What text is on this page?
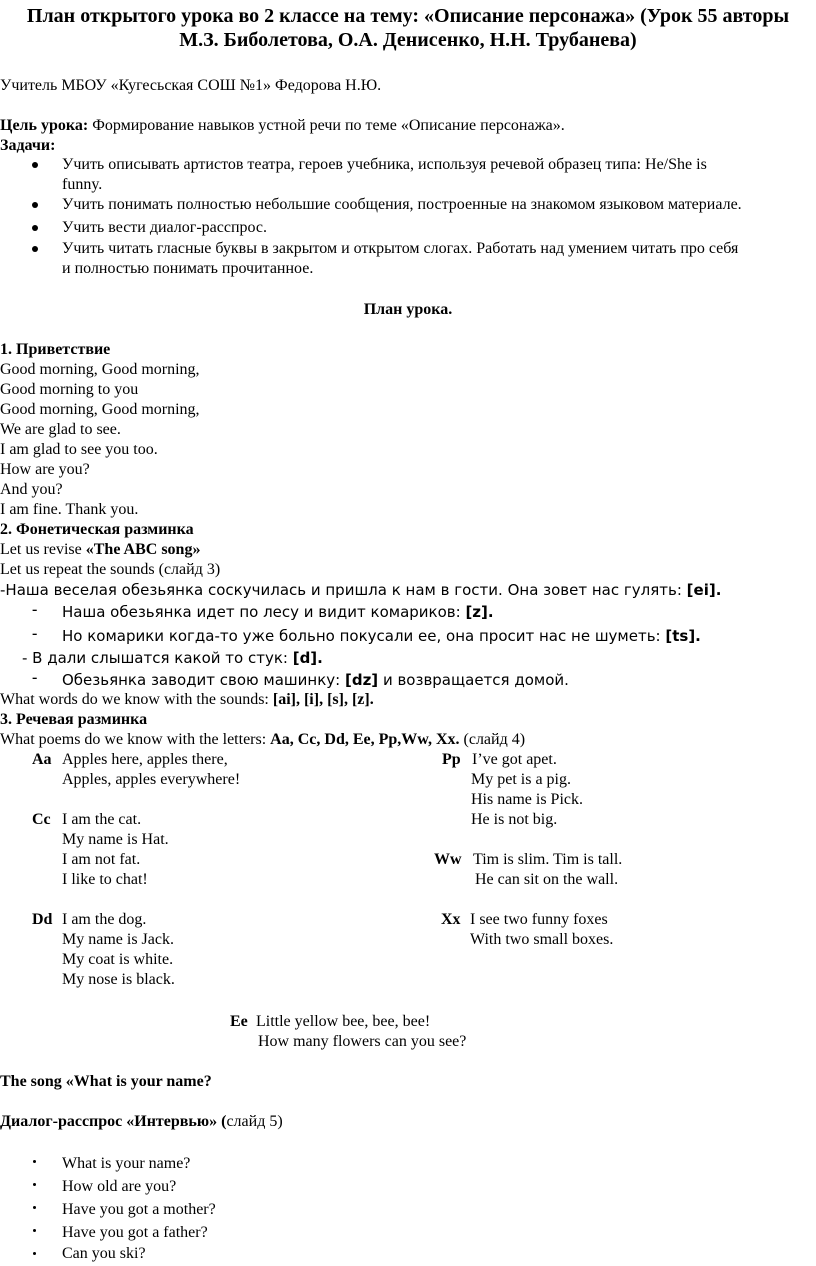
План открытого урока во 2 классе на тему: «Описание персонажа» (Урок 55 авторы
М.З. Биболетова, О.А. Денисенко, Н.Н. Трубанева)
Учитель МБОУ «Кугесьская СОШ №1» Федорова Н.Ю.
Цель урока: Формирование навыков устной речи по теме «Описание персонажа».
Задачи:
Учить описывать артистов театра, героев учебника, используя речевой образец типа: He/She is
funny.
Учить понимать полностью небольшие сообщения, построенные на знакомом языковом материале.
Учить вести диалог-расспрос.
Учить читать гласные буквы в закрытом и открытом слогах. Работать над умением читать про себя
и полностью понимать прочитанное.
План урока.
1. Приветствие
Good morning, Good morning,
Good morning to you
Good morning, Good morning,
We are glad to see.
I am glad to see you too.
How are you?
And you?
I am fine. Thank you.
2. Фонетическая разминка
Let us revise «The ABC song»
Let us repeat the sounds (слайд 3)
-Наша веселая обезьянка соскучилась и пришла к нам в гости. Она зовет нас гулять: [ei].
- Наша обезьянка идет по лесу и видит комариков: [z].
- Но комарики когда-то уже больно покусали ее, она просит нас не шуметь: [ts].
- В дали слышатся какой то стук: [d].
- Обезьянка заводит свою машинку: [dz] и возвращается домой.
What words do we know with the sounds: [ai], [i], [s], [z].
3. Речевая разминка
What poems do we know with the letters: Aa, Cc, Dd, Ee, Pp,Ww, Xx. (слайд 4)
Aa Apples here, apples there,
Apples, apples everywhere!
Cc I am the cat.
My name is Hat.
I am not fat.
I like to chat!
Dd I am the dog.
My name is Jack.
My coat is white.
My nose is black.
Pp I’ve got apet.
My pet is a pig.
His name is Pick.
He is not big.
Ww Tim is slim. Tim is tall.
He can sit on the wall.
Xx I see two funny foxes
With two small boxes.
Ee Little yellow bee, bee, bee!
How many flowers can you see?
The song «What is your name?
Диалог-расспрос «Интервью» (слайд 5)
What is your name?
How old are you?
Have you got a mother?
Have you got a father?
Can you ski?
